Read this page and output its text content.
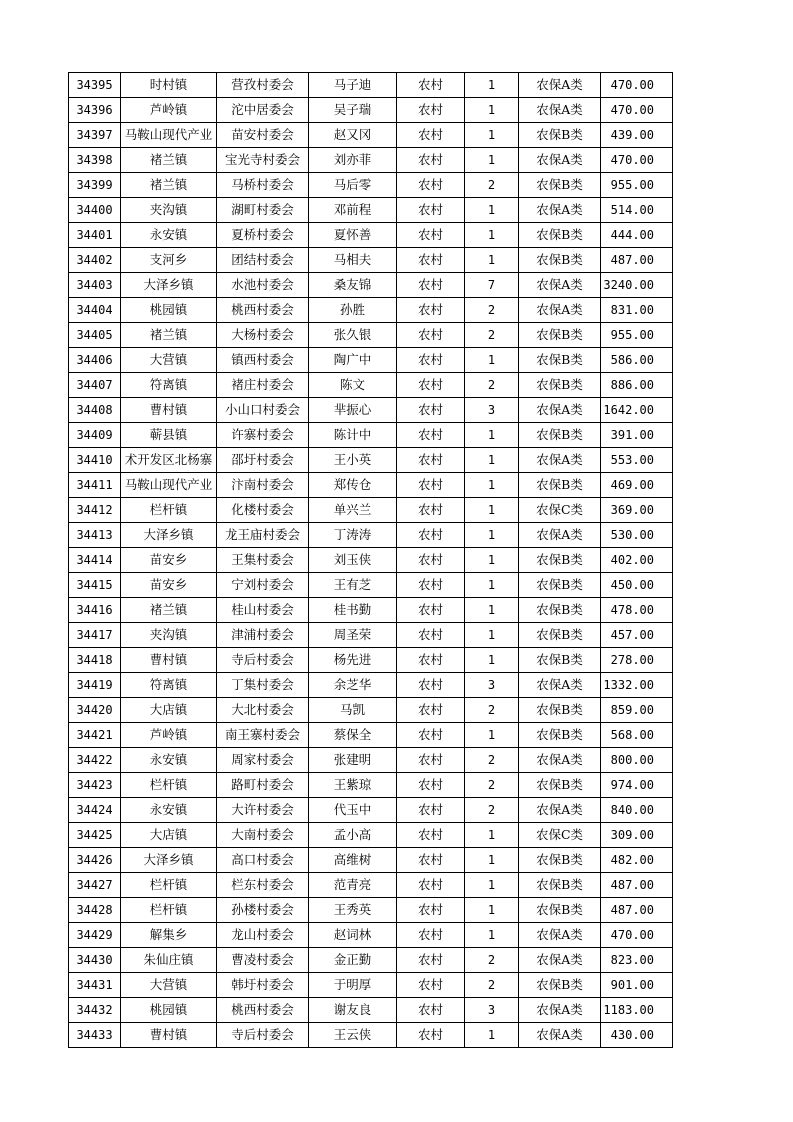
34395	时村镇	营孜村委会	马子迪	农村	1	农保A类	470.00
34396	芦岭镇	沱中居委会	吴子瑞	农村	1	农保A类	470.00
34397	马鞍山现代产业	苗安村委会	赵又冈	农村	1	农保B类	439.00
34398	褚兰镇	宝光寺村委会	刘亦菲	农村	1	农保A类	470.00
34399	褚兰镇	马桥村委会	马后零	农村	2	农保B类	955.00
34400	夹沟镇	湖町村委会	邓前程	农村	1	农保A类	514.00
34401	永安镇	夏桥村委会	夏怀善	农村	1	农保B类	444.00
34402	支河乡	团结村委会	马相夫	农村	1	农保B类	487.00
34403	大泽乡镇	水池村委会	桑友锦	农村	7	农保A类	3240.00
34404	桃园镇	桃西村委会	孙胜	农村	2	农保A类	831.00
34405	褚兰镇	大杨村委会	张久银	农村	2	农保B类	955.00
34406	大营镇	镇西村委会	陶广中	农村	1	农保B类	586.00
34407	符离镇	褚庄村委会	陈文	农村	2	农保B类	886.00
34408	曹村镇	小山口村委会	芈振心	农村	3	农保A类	1642.00
34409	蕲县镇	许寨村委会	陈计中	农村	1	农保B类	391.00
34410	术开发区北杨寨	邵圩村委会	王小英	农村	1	农保A类	553.00
34411	马鞍山现代产业	汴南村委会	郑传仓	农村	1	农保B类	469.00
34412	栏杆镇	化楼村委会	单兴兰	农村	1	农保C类	369.00
34413	大泽乡镇	龙王庙村委会	丁涛涛	农村	1	农保A类	530.00
34414	苗安乡	王集村委会	刘玉侠	农村	1	农保B类	402.00
34415	苗安乡	宁刘村委会	王有芝	农村	1	农保B类	450.00
34416	褚兰镇	桂山村委会	桂书勤	农村	1	农保B类	478.00
34417	夹沟镇	津浦村委会	周圣荣	农村	1	农保B类	457.00
34418	曹村镇	寺后村委会	杨先进	农村	1	农保B类	278.00
34419	符离镇	丁集村委会	余芝华	农村	3	农保A类	1332.00
34420	大店镇	大北村委会	马凯	农村	2	农保B类	859.00
34421	芦岭镇	南王寨村委会	蔡保全	农村	1	农保B类	568.00
34422	永安镇	周家村委会	张建明	农村	2	农保A类	800.00
34423	栏杆镇	路町村委会	王紫琼	农村	2	农保B类	974.00
34424	永安镇	大许村委会	代玉中	农村	2	农保A类	840.00
34425	大店镇	大南村委会	孟小高	农村	1	农保C类	309.00
34426	大泽乡镇	高口村委会	高维树	农村	1	农保B类	482.00
34427	栏杆镇	栏东村委会	范青亮	农村	1	农保B类	487.00
34428	栏杆镇	孙楼村委会	王秀英	农村	1	农保B类	487.00
34429	解集乡	龙山村委会	赵词林	农村	1	农保A类	470.00
34430	朱仙庄镇	曹凌村委会	金正勤	农村	2	农保A类	823.00
34431	大营镇	韩圩村委会	于明厚	农村	2	农保B类	901.00
34432	桃园镇	桃西村委会	谢友良	农村	3	农保A类	1183.00
34433	曹村镇	寺后村委会	王云侠	农村	1	农保A类	430.00
